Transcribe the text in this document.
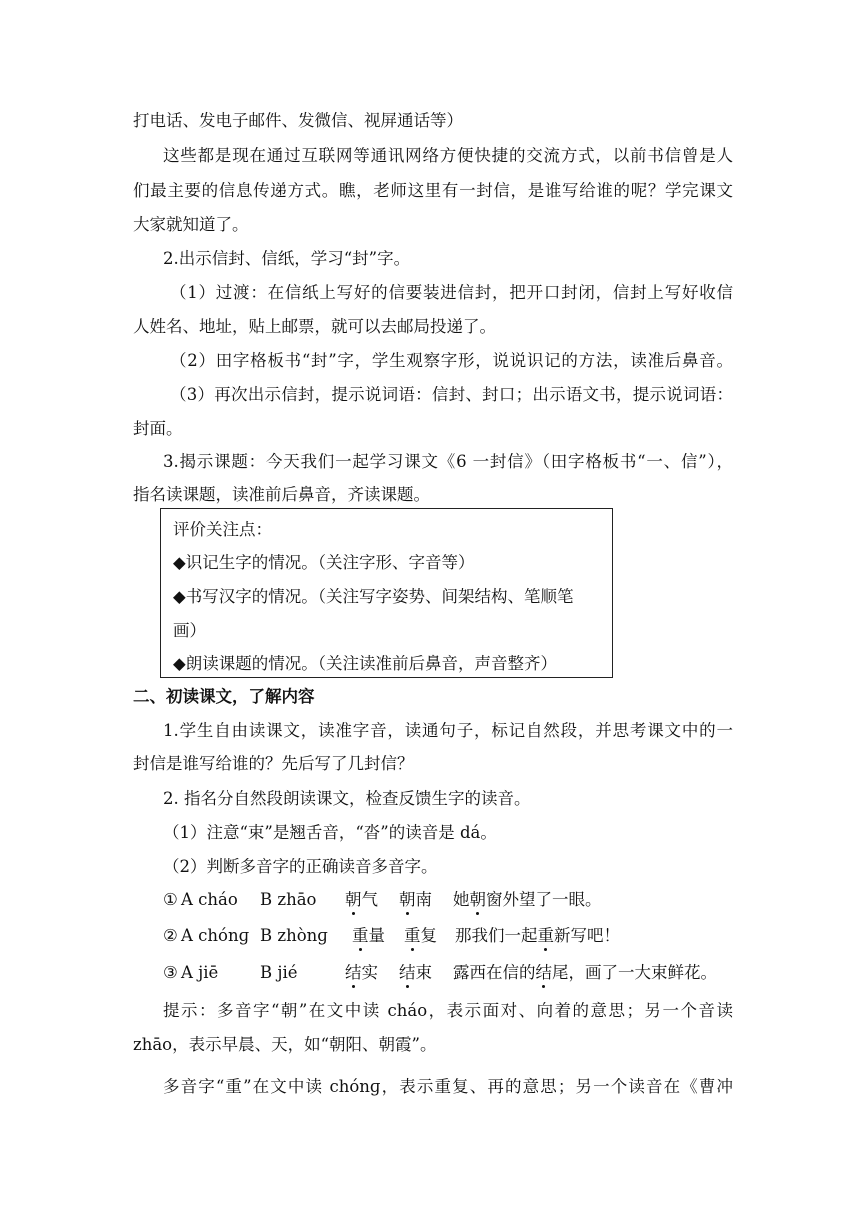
打电话、发电子邮件、发微信、视屏通话等）
这些都是现在通过互联网等通讯网络方便快捷的交流方式，以前书信曾是人
们最主要的信息传递方式。瞧，老师这里有一封信，是谁写给谁的呢？学完课文
大家就知道了。
2.出示信封、信纸，学习“封”字。
（1）过渡：在信纸上写好的信要装进信封，把开口封闭，信封上写好收信
人姓名、地址，贴上邮票，就可以去邮局投递了。
（2）田字格板书“封”字，学生观察字形，说说识记的方法，读准后鼻音。
（3）再次出示信封，提示说词语：信封、封口；出示语文书，提示说词语：
封面。
3.揭示课题：今天我们一起学习课文《6 一封信》（田字格板书“一、信”），
指名读课题，读准前后鼻音，齐读课题。
评价关注点：
◆识记生字的情况。（关注字形、字音等）
◆书写汉字的情况。（关注写字姿势、间架结构、笔顺笔
画）
◆朗读课题的情况。（关注读准前后鼻音，声音整齐）
二、初读课文，了解内容
1.学生自由读课文，读准字音，读通句子，标记自然段，并思考课文中的一
封信是谁写给谁的？先后写了几封信？
2. 指名分自然段朗读课文，检查反馈生字的读音。
（1）注意“束”是翘舌音，“沓”的读音是 dá。
（2）判断多音字的正确读音多音字。
① A cháo B zhāo 朝气 朝南 她朝窗外望了一眼。
② A chónɡ B zhònɡ 重量 重复 那我们一起重新写吧！
③ A jiē	B jié	结实 结束 露西在信的结尾，画了一大束鲜花。
提示：多音字“朝”在文中读 cháo，表示面对、向着的意思；另一个音读
zhāo，表示早晨、天，如“朝阳、朝霞”。
多音字“重”在文中读 chónɡ，表示重复、再的意思；另一个读音在《曹冲
